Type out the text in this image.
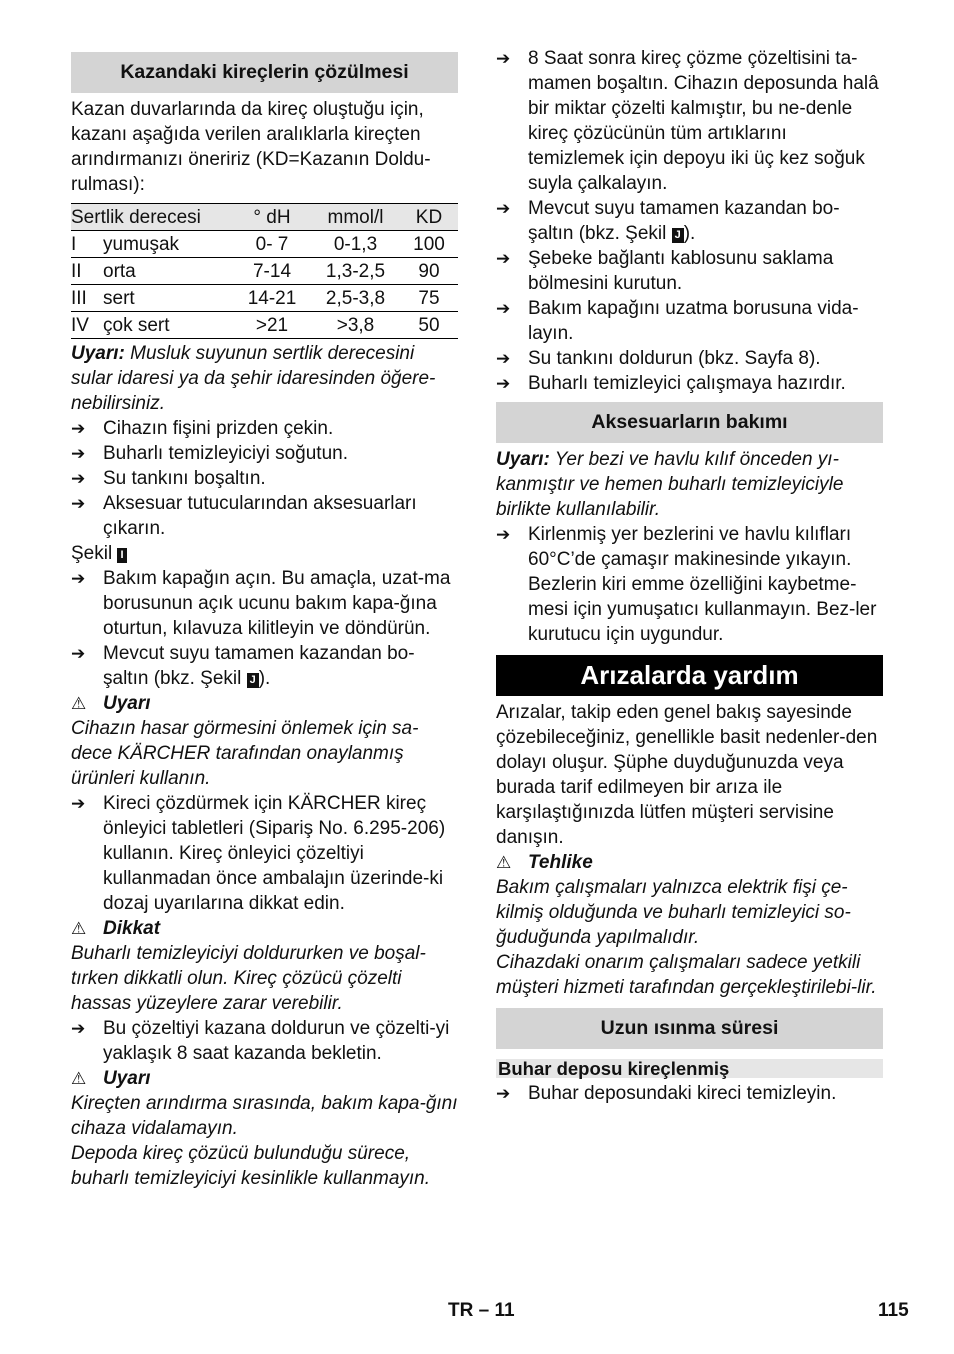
Kazandaki kireçlerin çözülmesi

Kazan duvarlarında da kireç oluştuğu için, kazanı aşağıda verilen aralıklarla kireçten arındırmanızı öneririz (KD=Kazanın Doldu-rulması):

Sertlik derecesi		° dH	mmol/l	KD
I	yumuşak	0- 7	0-1,3	100
II	orta	7-14	1,3-2,5	90
III	sert	14-21	2,5-3,8	75
IV	çok sert	>21	>3,8	50

Uyarı: Musluk suyunun sertlik derecesini sular idaresi ya da şehir idaresinden öğere-nebilirsiniz.

➔ Cihazın fişini prizden çekin.
➔ Buharlı temizleyiciyi soğutun.
➔ Su tankını boşaltın.
➔ Aksesuar tutucularından aksesuarları çıkarın.

Şekil I

➔ Bakım kapağın açın. Bu amaçla, uzat-ma borusunun açık ucunu bakım kapa-ğına oturtun, kılavuza kilitleyin ve döndürün.
➔ Mevcut suyu tamamen kazandan bo-şaltın (bkz. Şekil J ).
⚠ Uyarı

Cihazın hasar görmesini önlemek için sa-dece KÄRCHER tarafından onaylanmış ürünleri kullanın.

➔ Kireci çözdürmek için KÄRCHER kireç önleyici tabletleri (Sipariş No. 6.295-206) kullanın. Kireç önleyici çözeltiyi kullanmadan önce ambalajın üzerinde-ki dozaj uyarılarına dikkat edin.
⚠ Dikkat

Buharlı temizleyiciyi doldururken ve boşal-tırken dikkatli olun. Kireç çözücü çözelti hassas yüzeylere zarar verebilir.

➔ Bu çözeltiyi kazana doldurun ve çözelti-yi yaklaşık 8 saat kazanda bekletin.
⚠ Uyarı

Kireçten arındırma sırasında, bakım kapa-ğını cihaza vidalamayın.

Depoda kireç çözücü bulunduğu sürece, buharlı temizleyiciyi kesinlikle kullanmayın.

➔ 8 Saat sonra kireç çözme çözeltisini ta-mamen boşaltın. Cihazın deposunda halâ bir miktar çözelti kalmıştır, bu ne-denle kireç çözücünün tüm artıklarını temizlemek için depoyu iki üç kez soğuk suyla çalkalayın.
➔ Mevcut suyu tamamen kazandan bo-şaltın (bkz. Şekil J ).
➔ Şebeke bağlantı kablosunu saklama bölmesini kurutun.
➔ Bakım kapağını uzatma borusuna vida-layın.
➔ Su tankını doldurun (bkz. Sayfa 8).
➔ Buharlı temizleyici çalışmaya hazırdır.
Aksesuarların bakımı

Uyarı: Yer bezi ve havlu kılıf önceden yı-kanmıştır ve hemen buharlı temizleyiciyle birlikte kullanılabilir.

➔ Kirlenmiş yer bezlerini ve havlu kılıfları 60°C’de çamaşır makinesinde yıkayın. Bezlerin kiri emme özelliğini kaybetme-mesi için yumuşatıcı kullanmayın. Bez-ler kurutucu için uygundur.
Arızalarda yardım

Arızalar, takip eden genel bakış sayesinde çözebileceğiniz, genellikle basit nedenler-den dolayı oluşur. Şüphe duyduğunuzda veya burada tarif edilmeyen bir arıza ile karşılaştığınızda lütfen müşteri servisine danışın.

⚠ Tehlike

Bakım çalışmaları yalnızca elektrik fişi çe-kilmiş olduğunda ve buharlı temizleyici so-ğuduğunda yapılmalıdır.

Cihazdaki onarım çalışmaları sadece yetkili müşteri hizmeti tarafından gerçekleştirilebi-lir.

Uzun ısınma süresi
Buhar deposu kireçlenmiş
➔ Buhar deposundaki kireci temizleyin.
TR – 11	115
